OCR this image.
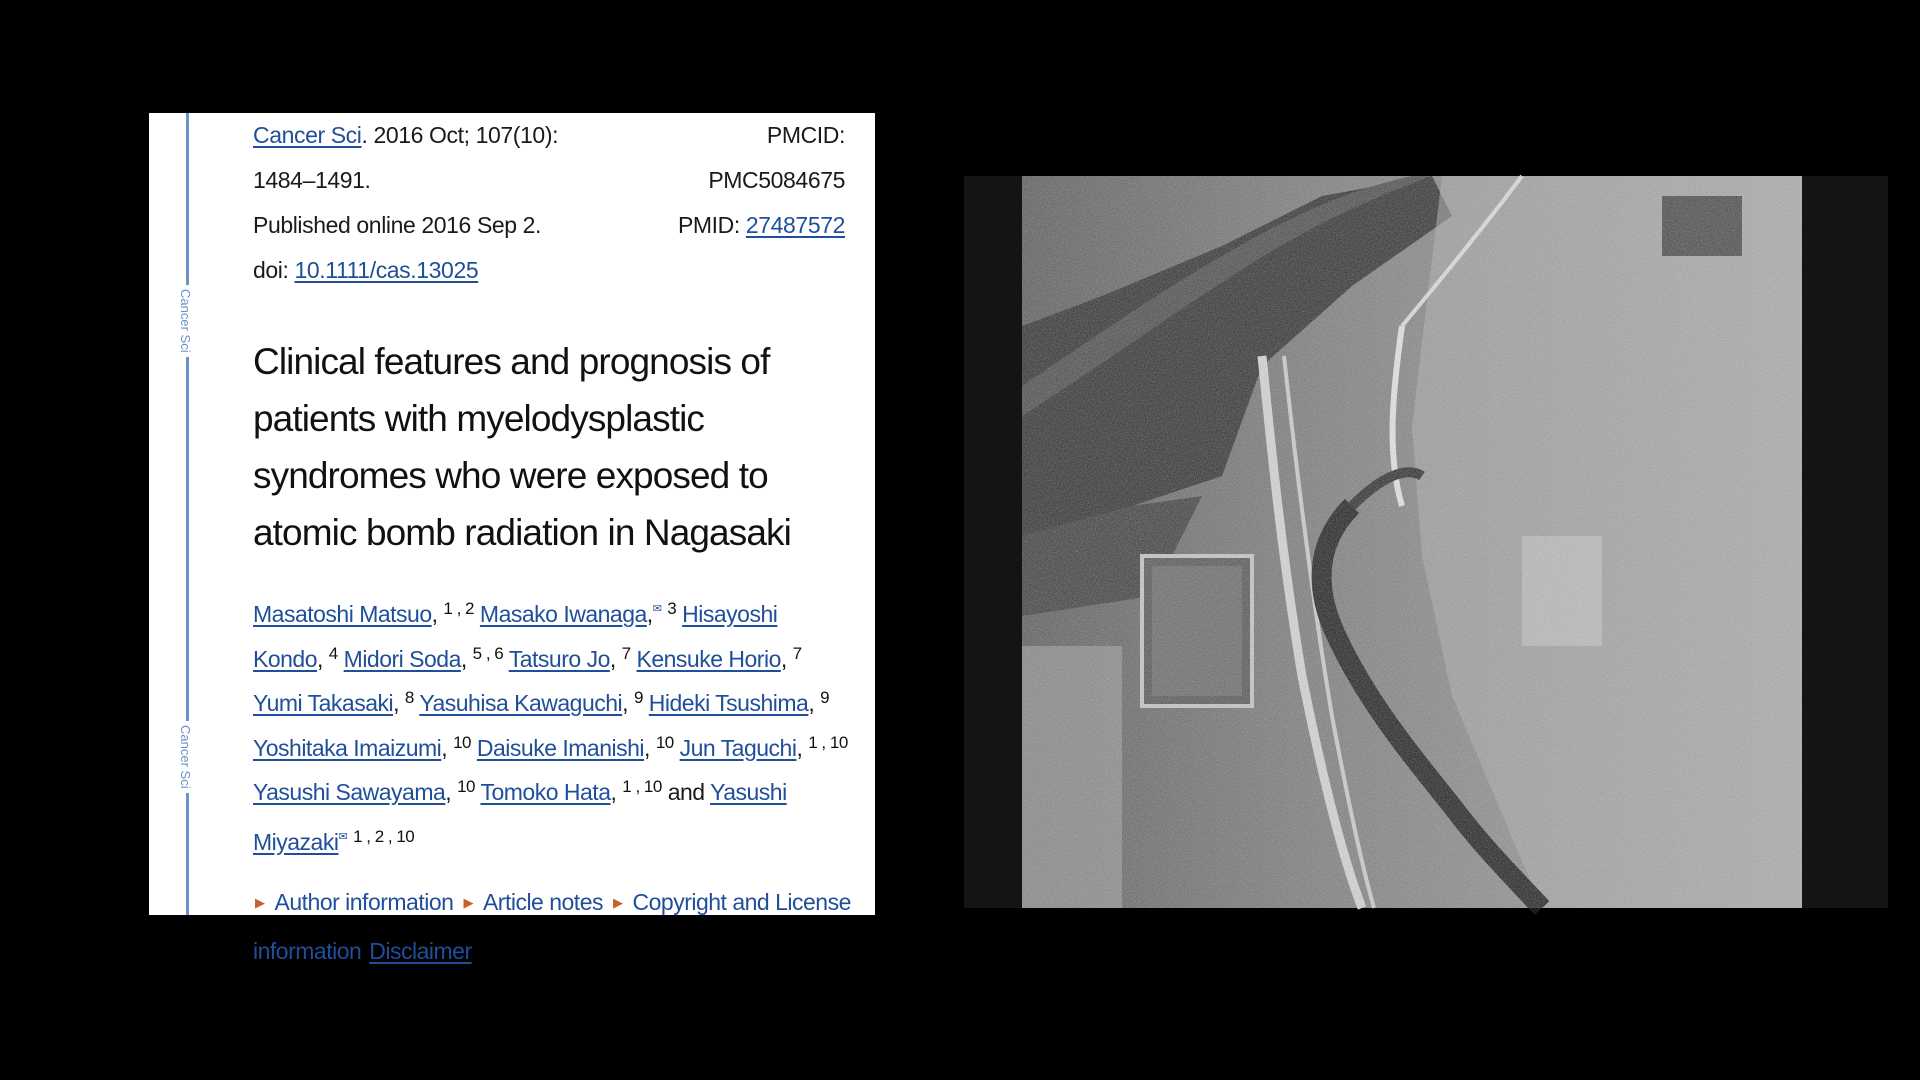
Cancer Sci
Cancer Sci
Cancer Sci. 2016 Oct; 107(10):	PMCID:
1484–1491.	PMC5084675
Published online 2016 Sep 2.	PMID: 27487572
doi: 10.1111/cas.13025
Clinical features and prognosis of patients with myelodysplastic syndromes who were exposed to atomic bomb radiation in Nagasaki
Masatoshi Matsuo, $^{1 , 2}$ Masako Iwanaga,✉ $^3$ Hisayoshi Kondo, $^4$ Midori Soda, $^{5 , 6}$ Tatsuro Jo, $^7$ Kensuke Horio, $^7$ Yumi Takasaki, $^8$ Yasuhisa Kawaguchi, $^9$ Hideki Tsushima, $^9$ Yoshitaka Imaizumi, $^{10}$ Daisuke Imanishi, $^{10}$ Jun Taguchi, $^{1 , 10}$ Yasushi Sawayama, $^{10}$ Tomoko Hata, $^{1 , 10}$ and Yasushi Miyazaki✉ $^{1 , 2 , 10}$
▶ Author information ▶ Article notes ▶ Copyright and License information Disclaimer
